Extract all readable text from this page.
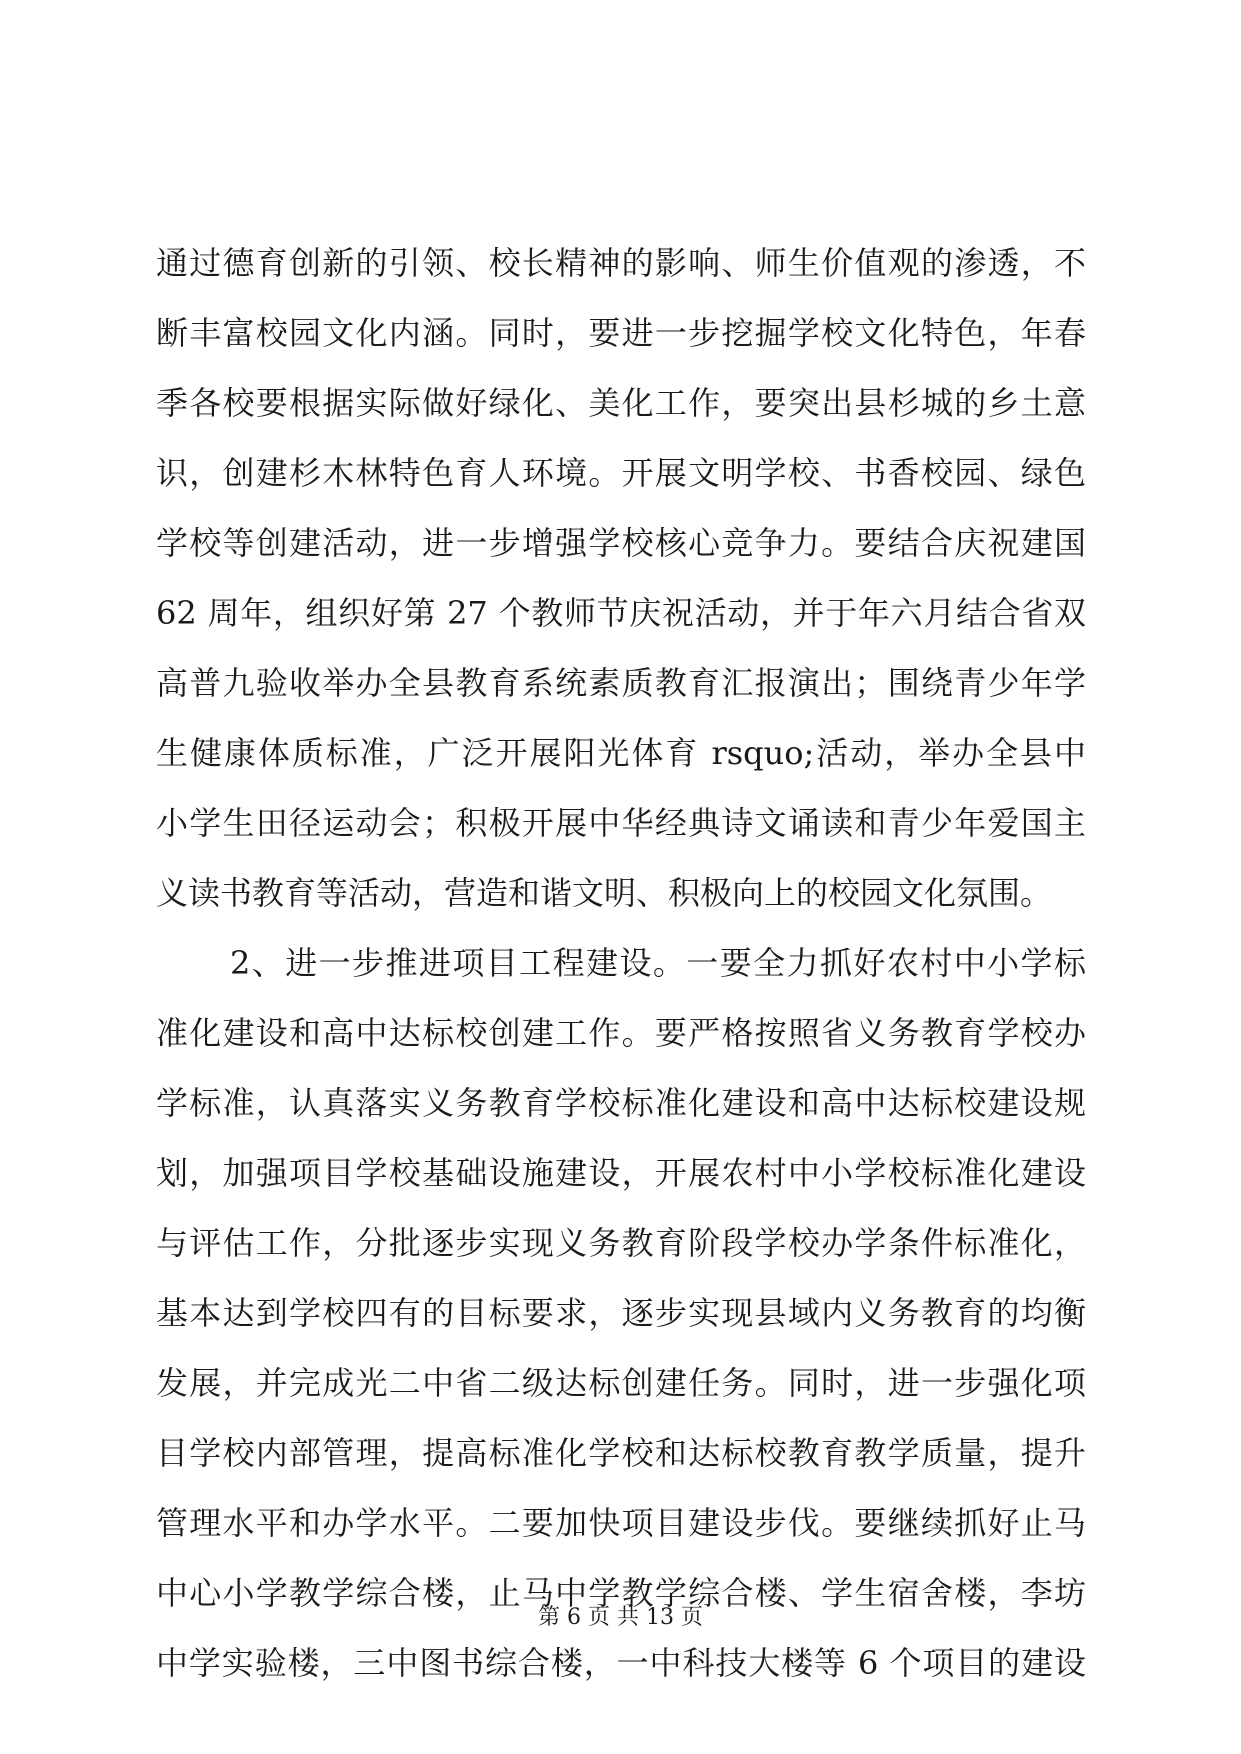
通过德育创新的引领、校长精神的影响、师生价值观的渗透，不
断丰富校园文化内涵。同时，要进一步挖掘学校文化特色，年春
季各校要根据实际做好绿化、美化工作，要突出县杉城的乡土意
识，创建杉木林特色育人环境。开展文明学校、书香校园、绿色
学校等创建活动，进一步增强学校核心竞争力。要结合庆祝建国
62 周年，组织好第 27 个教师节庆祝活动，并于年六月结合省双
高普九验收举办全县教育系统素质教育汇报演出；围绕青少年学
生健康体质标准，广泛开展阳光体育 rsquo;活动，举办全县中
小学生田径运动会；积极开展中华经典诗文诵读和青少年爱国主
义读书教育等活动，营造和谐文明、积极向上的校园文化氛围。
2、进一步推进项目工程建设。一要全力抓好农村中小学标
准化建设和高中达标校创建工作。要严格按照省义务教育学校办
学标准，认真落实义务教育学校标准化建设和高中达标校建设规
划，加强项目学校基础设施建设，开展农村中小学校标准化建设
与评估工作，分批逐步实现义务教育阶段学校办学条件标准化，
基本达到学校四有的目标要求，逐步实现县域内义务教育的均衡
发展，并完成光二中省二级达标创建任务。同时，进一步强化项
目学校内部管理，提高标准化学校和达标校教育教学质量，提升
管理水平和办学水平。二要加快项目建设步伐。要继续抓好止马
中心小学教学综合楼，止马中学教学综合楼、学生宿舍楼，李坊
中学实验楼，三中图书综合楼，一中科技大楼等 6 个项目的建设
第 6 页 共 13 页
